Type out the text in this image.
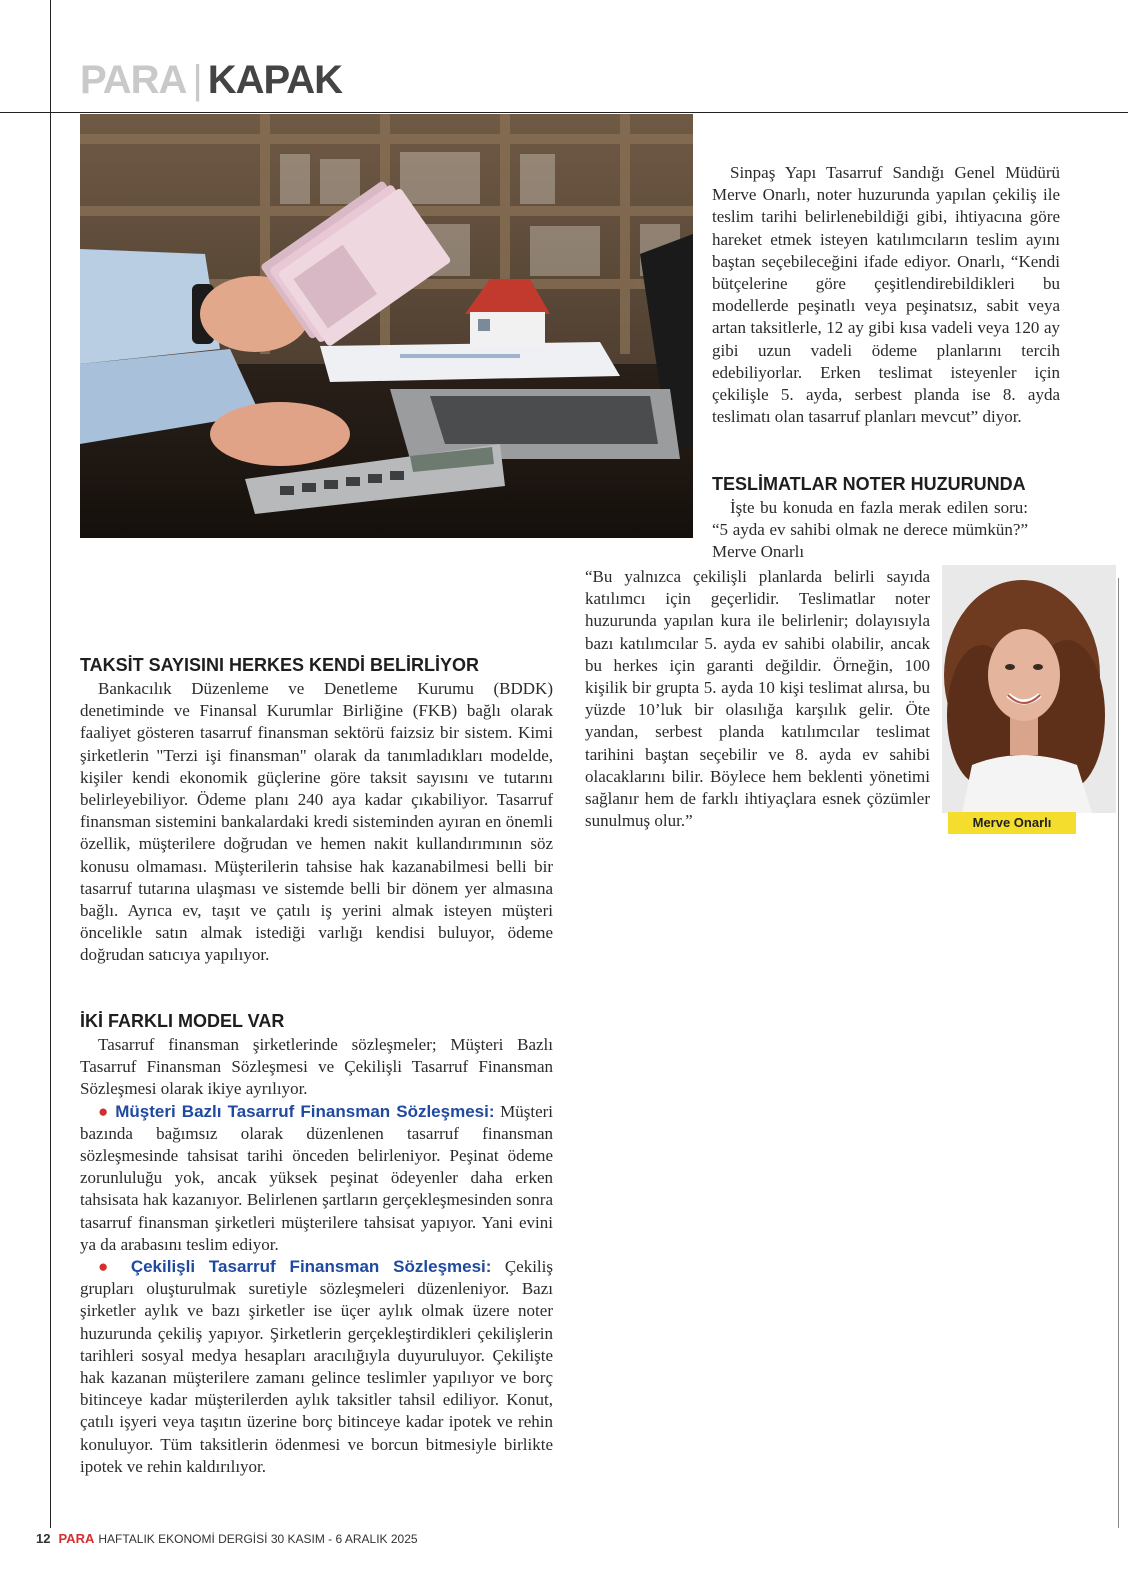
PARA | KAPAK
Merve Onarlı

Sinpaş Yapı Tasarruf Sandığı Genel Müdürü Merve Onarlı, noter huzurunda yapılan çekiliş ile teslim tarihi belirlenebildiği gibi, ihtiyacına göre hareket etmek isteyen katılımcıların teslim ayını baştan seçebileceğini ifade ediyor. Onarlı, “Kendi bütçelerine göre çeşitlendirebildikleri bu modellerde peşinatlı veya peşinatsız, sabit veya artan taksitlerle, 12 ay gibi kısa vadeli veya 120 ay gibi uzun vadeli ödeme planlarını tercih edebiliyorlar. Erken teslimat isteyenler için çekilişle 5. ayda, serbest planda ise 8. ayda teslimatı olan tasarruf planları mevcut” diyor.

TESLİMATLAR NOTER HUZURUNDA

İşte bu konuda en fazla merak edilen soru: “5 ayda ev sahibi olmak ne derece mümkün?” Merve Onarlı

“Bu yalnızca çekilişli planlarda belirli sayıda katılımcı için geçerlidir. Teslimatlar noter huzurunda yapılan kura ile belirlenir; dolayısıyla bazı katılımcılar 5. ayda ev sahibi olabilir, ancak bu herkes için garanti değildir. Örneğin, 100 kişilik bir grupta 5. ayda 10 kişi teslimat alırsa, bu yüzde 10’luk bir olasılığa karşılık gelir. Öte yandan, serbest planda katılımcılar teslimat tarihini baştan seçebilir ve 8. ayda ev sahibi olacaklarını bilir. Böylece hem beklenti yönetimi sağlanır hem de farklı ihtiyaçlara esnek çözümler sunulmuş olur.”

TAKSİT SAYISINI HERKES KENDİ BELİRLİYOR

Bankacılık Düzenleme ve Denetleme Kurumu (BDDK) denetiminde ve Finansal Kurumlar Birliğine (FKB) bağlı olarak faaliyet gösteren tasarruf finansman sektörü faizsiz bir sistem. Kimi şirketlerin "Terzi işi finansman" olarak da tanımladıkları modelde, kişiler kendi ekonomik güçlerine göre taksit sayısını ve tutarını belirleyebiliyor. Ödeme planı 240 aya kadar çıkabiliyor. Tasarruf finansman sistemini bankalardaki kredi sisteminden ayıran en önemli özellik, müşterilere doğrudan ve hemen nakit kullandırımının söz konusu olmaması. Müşterilerin tahsise hak kazanabilmesi belli bir tasarruf tutarına ulaşması ve sistemde belli bir dönem yer almasına bağlı. Ayrıca ev, taşıt ve çatılı iş yerini almak isteyen müşteri öncelikle satın almak istediği varlığı kendisi buluyor, ödeme doğrudan satıcıya yapılıyor.

İKİ FARKLI MODEL VAR

Tasarruf finansman şirketlerinde sözleşmeler; Müşteri Bazlı Tasarruf Finansman Sözleşmesi ve Çekilişli Tasarruf Finansman Sözleşmesi olarak ikiye ayrılıyor.

● Müşteri Bazlı Tasarruf Finansman Sözleşmesi: Müşteri bazında bağımsız olarak düzenlenen tasarruf finansman sözleşmesinde tahsisat tarihi önceden belirleniyor. Peşinat ödeme zorunluluğu yok, ancak yüksek peşinat ödeyenler daha erken tahsisata hak kazanıyor. Belirlenen şartların gerçekleşmesinden sonra tasarruf finansman şirketleri müşterilere tahsisat yapıyor. Yani evini ya da arabasını teslim ediyor.

● Çekilişli Tasarruf Finansman Sözleşmesi: Çekiliş grupları oluşturulmak suretiyle sözleşmeleri düzenleniyor. Bazı şirketler aylık ve bazı şirketler ise üçer aylık olmak üzere noter huzurunda çekiliş yapıyor. Şirketlerin gerçekleştirdikleri çekilişlerin tarihleri sosyal medya hesapları aracılığıyla duyuruluyor. Çekilişte hak kazanan müşterilere zamanı gelince teslimler yapılıyor ve borç bitinceye kadar müşterilerden aylık taksitler tahsil ediliyor. Konut, çatılı işyeri veya taşıtın üzerine borç bitinceye kadar ipotek ve rehin konuluyor. Tüm taksitlerin ödenmesi ve borcun bitmesiyle birlikte ipotek ve rehin kaldırılıyor.

12 PARA HAFTALIK EKONOMİ DERGİSİ 30 KASIM - 6 ARALIK 2025
